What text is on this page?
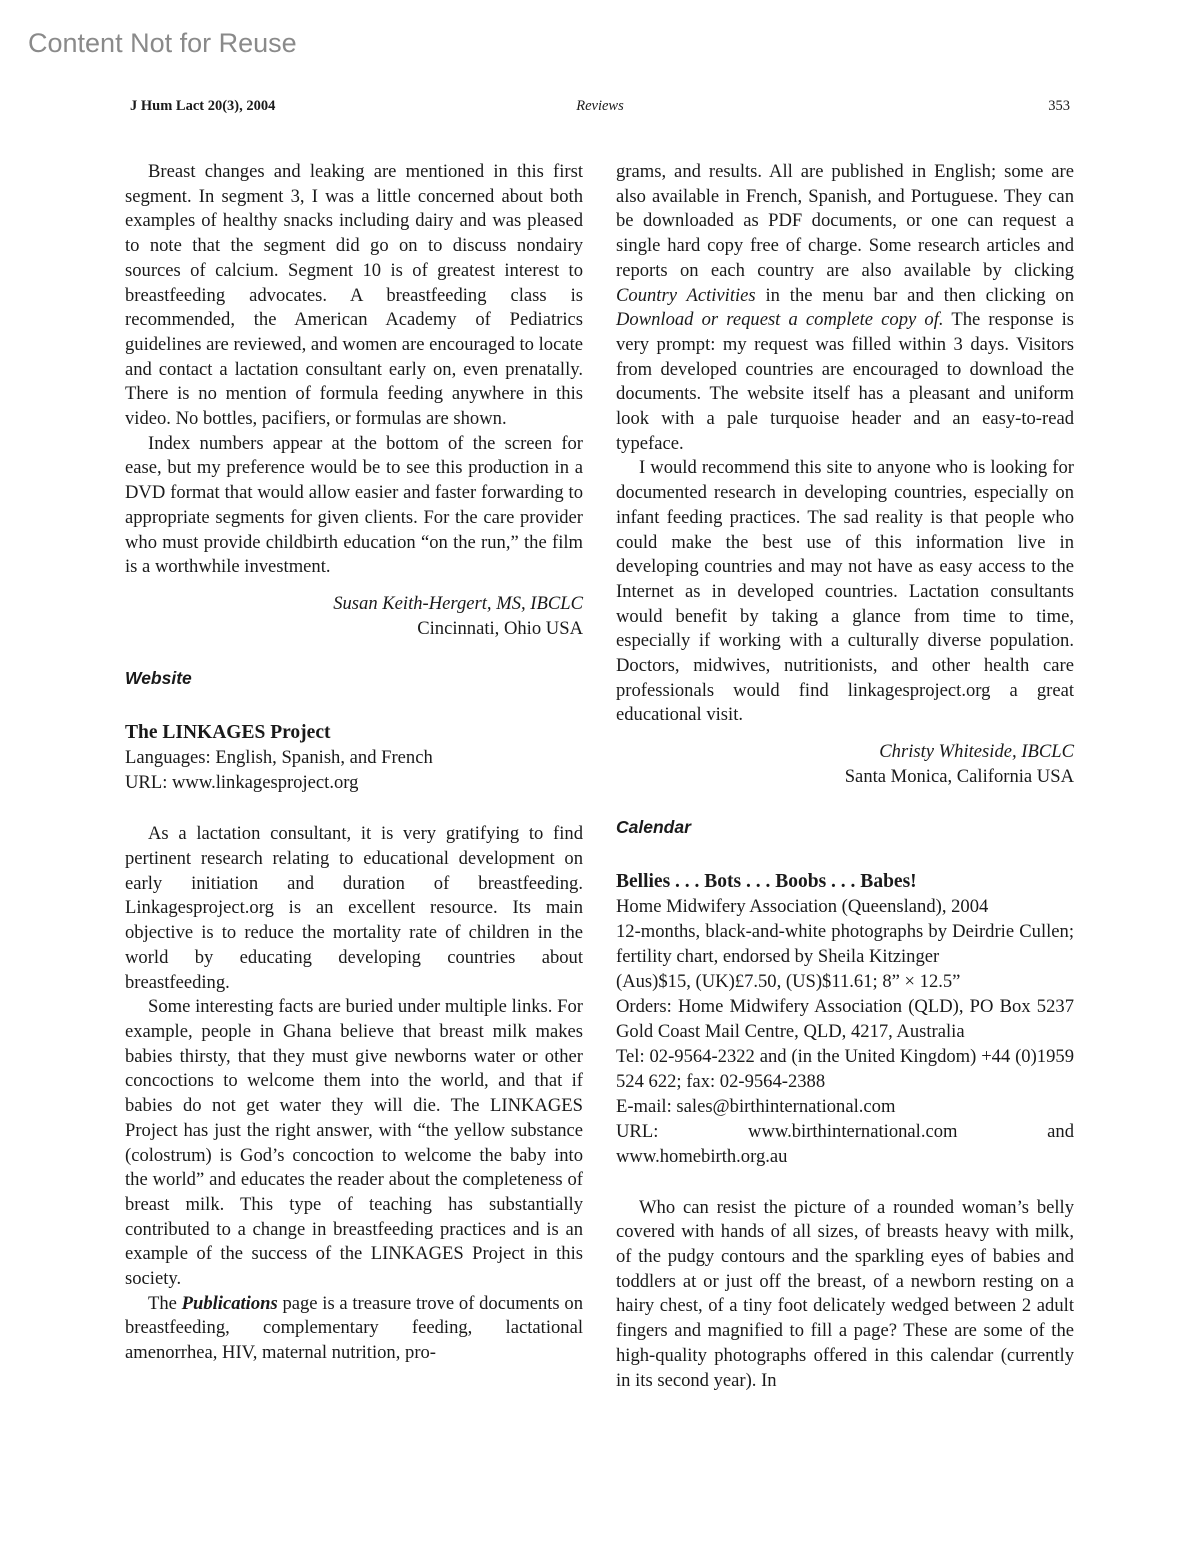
Content Not for Reuse
J Hum Lact 20(3), 2004	Reviews	353

Breast changes and leaking are mentioned in this first segment. In segment 3, I was a little concerned about both examples of healthy snacks including dairy and was pleased to note that the segment did go on to discuss nondairy sources of calcium. Segment 10 is of greatest interest to breastfeeding advocates. A breastfeeding class is recommended, the American Academy of Pediatrics guidelines are reviewed, and women are encouraged to locate and contact a lactation consultant early on, even prenatally. There is no mention of formula feeding anywhere in this video. No bottles, pacifiers, or formulas are shown.

Index numbers appear at the bottom of the screen for ease, but my preference would be to see this production in a DVD format that would allow easier and faster forwarding to appropriate segments for given clients. For the care provider who must provide childbirth education “on the run,” the film is a worthwhile investment.

Susan Keith-Hergert, MS, IBCLC
Cincinnati, Ohio USA
Website
The LINKAGES Project
Languages: English, Spanish, and French
URL: www.linkagesproject.org

As a lactation consultant, it is very gratifying to find pertinent research relating to educational development on early initiation and duration of breastfeeding. Linkagesproject.org is an excellent resource. Its main objective is to reduce the mortality rate of children in the world by educating developing countries about breastfeeding.

Some interesting facts are buried under multiple links. For example, people in Ghana believe that breast milk makes babies thirsty, that they must give newborns water or other concoctions to welcome them into the world, and that if babies do not get water they will die. The LINKAGES Project has just the right answer, with “the yellow substance (colostrum) is God’s concoction to welcome the baby into the world” and educates the reader about the completeness of breast milk. This type of teaching has substantially contributed to a change in breastfeeding practices and is an example of the success of the LINKAGES Project in this society.

The Publications page is a treasure trove of documents on breastfeeding, complementary feeding, lactational amenorrhea, HIV, maternal nutrition, pro-

grams, and results. All are published in English; some are also available in French, Spanish, and Portuguese. They can be downloaded as PDF documents, or one can request a single hard copy free of charge. Some research articles and reports on each country are also available by clicking Country Activities in the menu bar and then clicking on Download or request a complete copy of. The response is very prompt: my request was filled within 3 days. Visitors from developed countries are encouraged to download the documents. The website itself has a pleasant and uniform look with a pale turquoise header and an easy-to-read typeface.

I would recommend this site to anyone who is looking for documented research in developing countries, especially on infant feeding practices. The sad reality is that people who could make the best use of this information live in developing countries and may not have as easy access to the Internet as in developed countries. Lactation consultants would benefit by taking a glance from time to time, especially if working with a culturally diverse population. Doctors, midwives, nutritionists, and other health care professionals would find linkagesproject.org a great educational visit.

Christy Whiteside, IBCLC
Santa Monica, California USA
Calendar
Bellies . . . Bots . . . Boobs . . . Babes!
Home Midwifery Association (Queensland), 2004
12-months, black-and-white photographs by Deirdrie Cullen; fertility chart, endorsed by Sheila Kitzinger
(Aus)$15, (UK)£7.50, (US)$11.61; 8” × 12.5”
Orders: Home Midwifery Association (QLD), PO Box 5237 Gold Coast Mail Centre, QLD, 4217, Australia
Tel: 02-9564-2322 and (in the United Kingdom) +44 (0)1959 524 622; fax: 02-9564-2388
E-mail: sales@birthinternational.com
URL: www.birthinternational.com and www.homebirth.org.au

Who can resist the picture of a rounded woman’s belly covered with hands of all sizes, of breasts heavy with milk, of the pudgy contours and the sparkling eyes of babies and toddlers at or just off the breast, of a newborn resting on a hairy chest, of a tiny foot delicately wedged between 2 adult fingers and magnified to fill a page? These are some of the high-quality photographs offered in this calendar (currently in its second year). In
